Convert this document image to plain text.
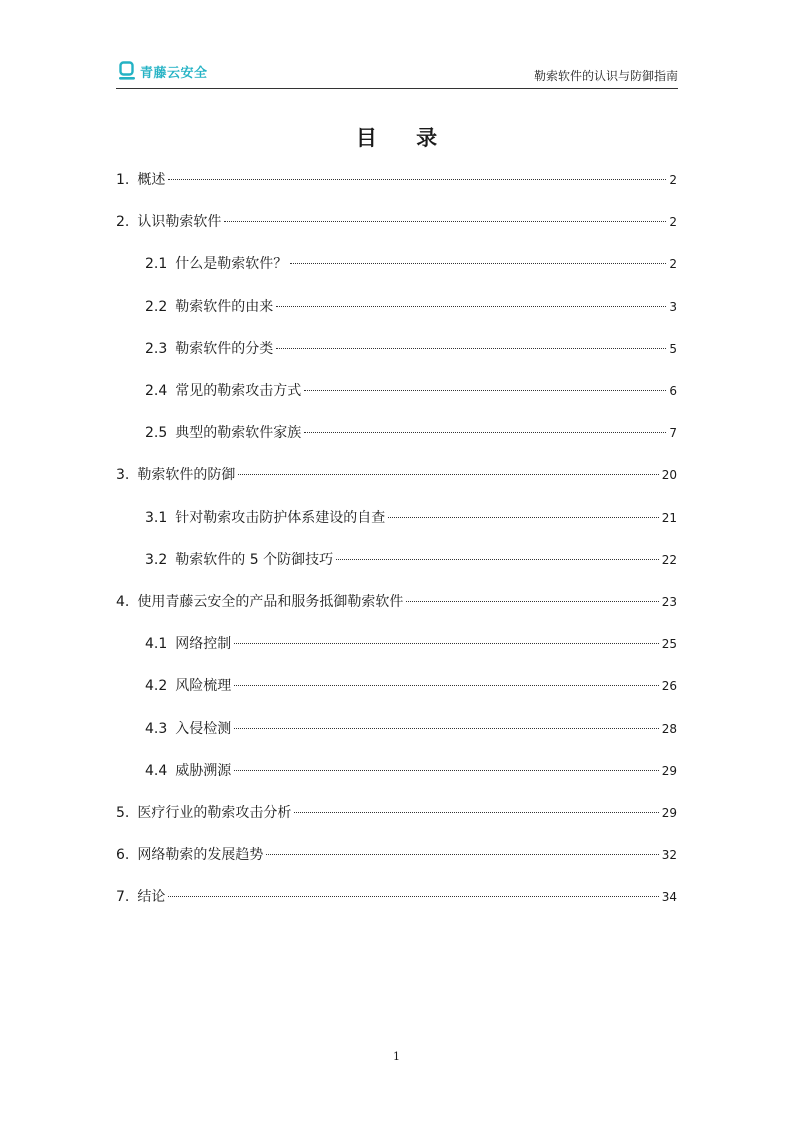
青藤云安全	勒索软件的认识与防御指南
目 录
1. 概述	2
2. 认识勒索软件	2
2.1 什么是勒索软件？	2
2.2 勒索软件的由来	3
2.3 勒索软件的分类	5
2.4 常见的勒索攻击方式	6
2.5 典型的勒索软件家族	7
3. 勒索软件的防御	20
3.1 针对勒索攻击防护体系建设的自查	21
3.2 勒索软件的 5 个防御技巧	22
4. 使用青藤云安全的产品和服务抵御勒索软件	23
4.1 网络控制	25
4.2 风险梳理	26
4.3 入侵检测	28
4.4 威胁溯源	29
5. 医疗行业的勒索攻击分析	29
6. 网络勒索的发展趋势	32
7. 结论	34
1
